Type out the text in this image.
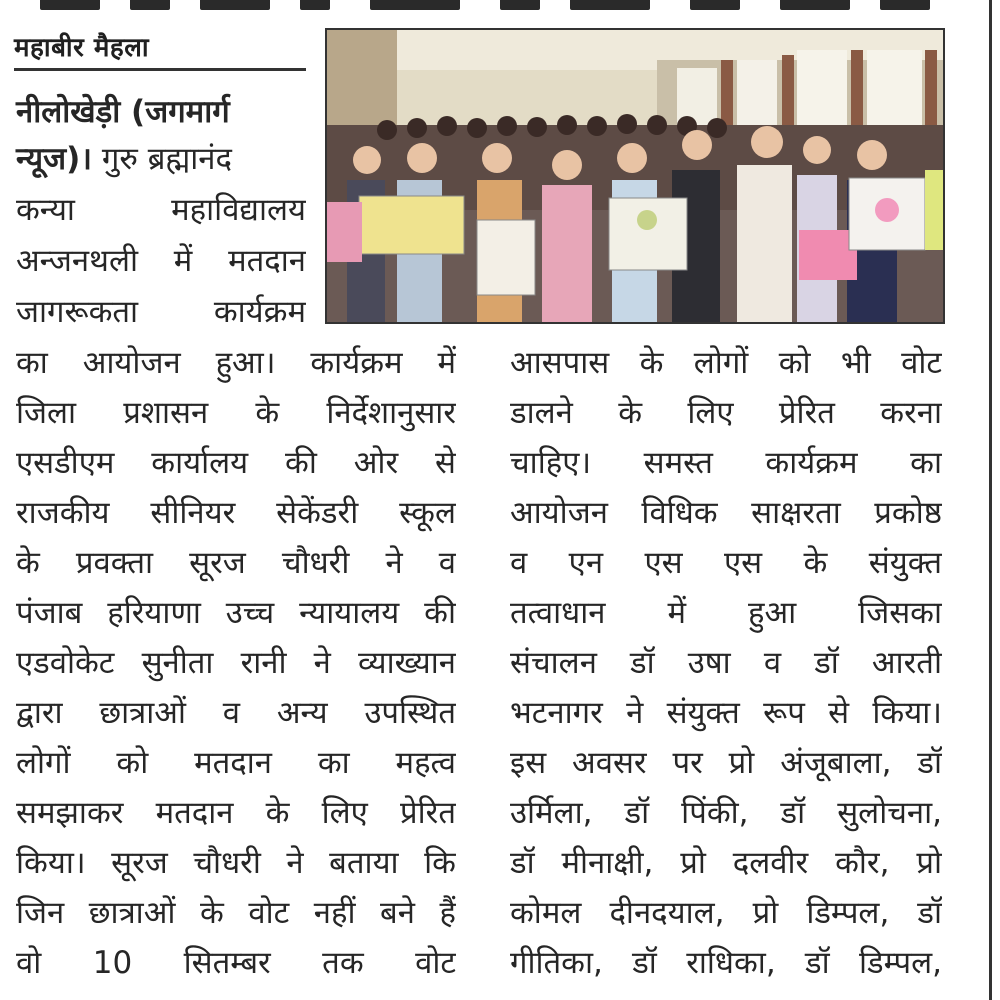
महाबीर मैहला
नीलोखेड़ी (जगमार्ग
न्यूज)। गुरु ब्रह्मानंद
कन्या महाविद्यालय
अन्जनथली में मतदान
जागरूकता कार्यक्रम
का आयोजन हुआ। कार्यक्रम में
जिला प्रशासन के निर्देशानुसार
एसडीएम कार्यालय की ओर से
राजकीय सीनियर सेकेंडरी स्कूल
के प्रवक्ता सूरज चौधरी ने व
पंजाब हरियाणा उच्च न्यायालय की
एडवोकेट सुनीता रानी ने व्याख्यान
द्वारा छात्राओं व अन्य उपस्थित
लोगों को मतदान का महत्व
समझाकर मतदान के लिए प्रेरित
किया। सूरज चौधरी ने बताया कि
जिन छात्राओं के वोट नहीं बने हैं
वो 10 सितम्बर तक वोट
आसपास के लोगों को भी वोट
डालने के लिए प्रेरित करना
चाहिए। समस्त कार्यक्रम का
आयोजन विधिक साक्षरता प्रकोष्ठ
व एन एस एस के संयुक्त
तत्वाधान में हुआ जिसका
संचालन डॉ उषा व डॉ आरती
भटनागर ने संयुक्त रूप से किया।
इस अवसर पर प्रो अंजूबाला, डॉ
उर्मिला, डॉ पिंकी, डॉ सुलोचना,
डॉ मीनाक्षी, प्रो दलवीर कौर, प्रो
कोमल दीनदयाल, प्रो डिम्पल, डॉ
गीतिका, डॉ राधिका, डॉ डिम्पल,
